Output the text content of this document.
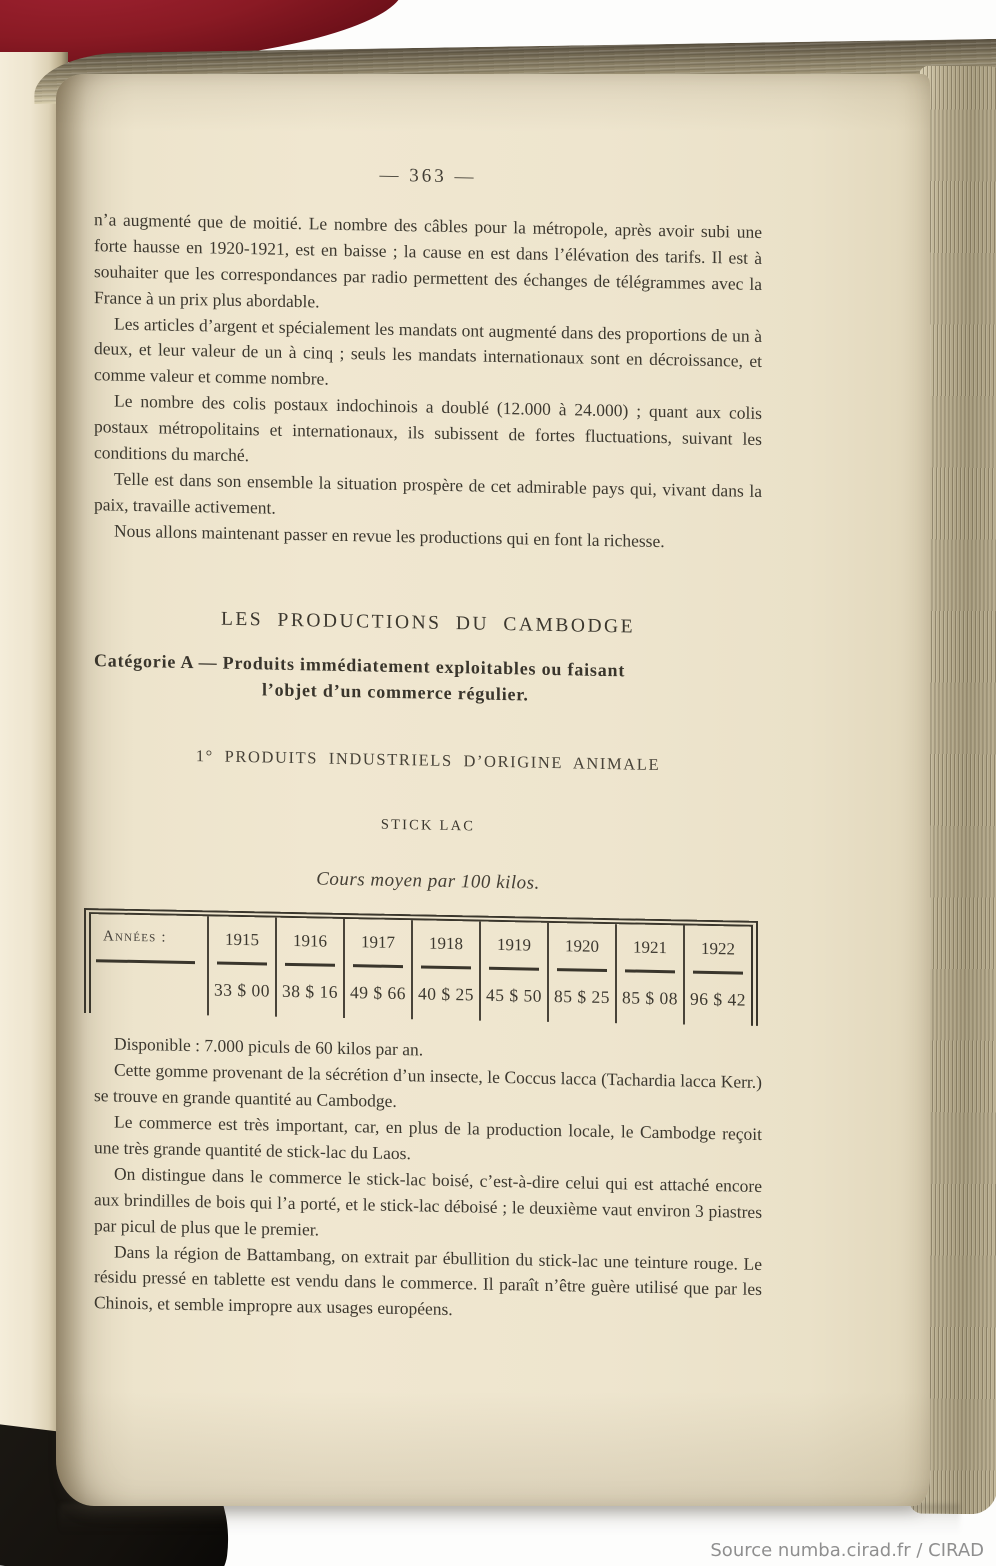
— 363 —

n’a augmenté que de moitié. Le nombre des câbles pour la métropole, après avoir subi une forte hausse en 1920-1921, est en baisse ; la cause en est dans l’élévation des tarifs. Il est à souhaiter que les correspondances par radio permettent des échanges de télégrammes avec la France à un prix plus abordable.

Les articles d’argent et spécialement les mandats ont augmenté dans des proportions de un à deux, et leur valeur de un à cinq ; seuls les mandats internationaux sont en décroissance, et comme valeur et comme nombre.

Le nombre des colis postaux indochinois a doublé (12.000 à 24.000) ; quant aux colis postaux métropolitains et internationaux, ils subissent de fortes fluctuations, suivant les conditions du marché.

Telle est dans son ensemble la situation prospère de cet admirable pays qui, vivant dans la paix, travaille activement.

Nous allons maintenant passer en revue les productions qui en font la richesse.

LES PRODUCTIONS DU CAMBODGE
Catégorie A — Produits immédiatement exploitables ou faisant
l’objet d’un commerce régulier.
1° PRODUITS INDUSTRIELS D’ORIGINE ANIMALE
STICK LAC
Cours moyen par 100 kilos.
Années :	1915
33 $ 00
1916
38 $ 16
1917
49 $ 66
1918
40 $ 25
1919
45 $ 50
1920
85 $ 25
1921
85 $ 08
1922
96 $ 42

Disponible : 7.000 piculs de 60 kilos par an.

Cette gomme provenant de la sécrétion d’un insecte, le Coccus lacca (Tachardia lacca Kerr.) se trouve en grande quantité au Cambodge.

Le commerce est très important, car, en plus de la production locale, le Cambodge reçoit une très grande quantité de stick-lac du Laos.

On distingue dans le commerce le stick-lac boisé, c’est-à-dire celui qui est attaché encore aux brindilles de bois qui l’a porté, et le stick-lac déboisé ; le deuxième vaut environ 3 piastres par picul de plus que le premier.

Dans la région de Battambang, on extrait par ébullition du stick-lac une teinture rouge. Le résidu pressé en tablette est vendu dans le commerce. Il paraît n’être guère utilisé que par les Chinois, et semble impropre aux usages européens.

Source numba.cirad.fr / CIRAD
